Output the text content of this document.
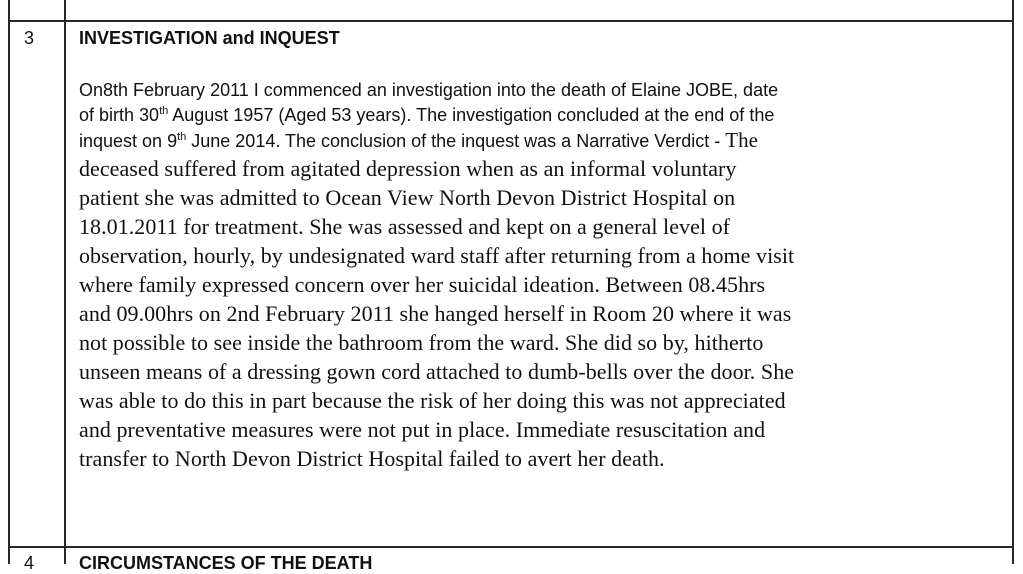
3 INVESTIGATION and INQUEST
On8th February 2011 I commenced an investigation into the death of Elaine JOBE, date
of birth 30th August 1957 (Aged 53 years). The investigation concluded at the end of the
inquest on 9th June 2014. The conclusion of the inquest was a Narrative Verdict - The
deceased suffered from agitated depression when as an informal voluntary
patient she was admitted to Ocean View North Devon District Hospital on
18.01.2011 for treatment. She was assessed and kept on a general level of
observation, hourly, by undesignated ward staff after returning from a home visit
where family expressed concern over her suicidal ideation. Between 08.45hrs
and 09.00hrs on 2nd February 2011 she hanged herself in Room 20 where it was
not possible to see inside the bathroom from the ward. She did so by, hitherto
unseen means of a dressing gown cord attached to dumb-bells over the door. She
was able to do this in part because the risk of her doing this was not appreciated
and preventative measures were not put in place. Immediate resuscitation and
transfer to North Devon District Hospital failed to avert her death.
4 CIRCUMSTANCES OF THE DEATH
